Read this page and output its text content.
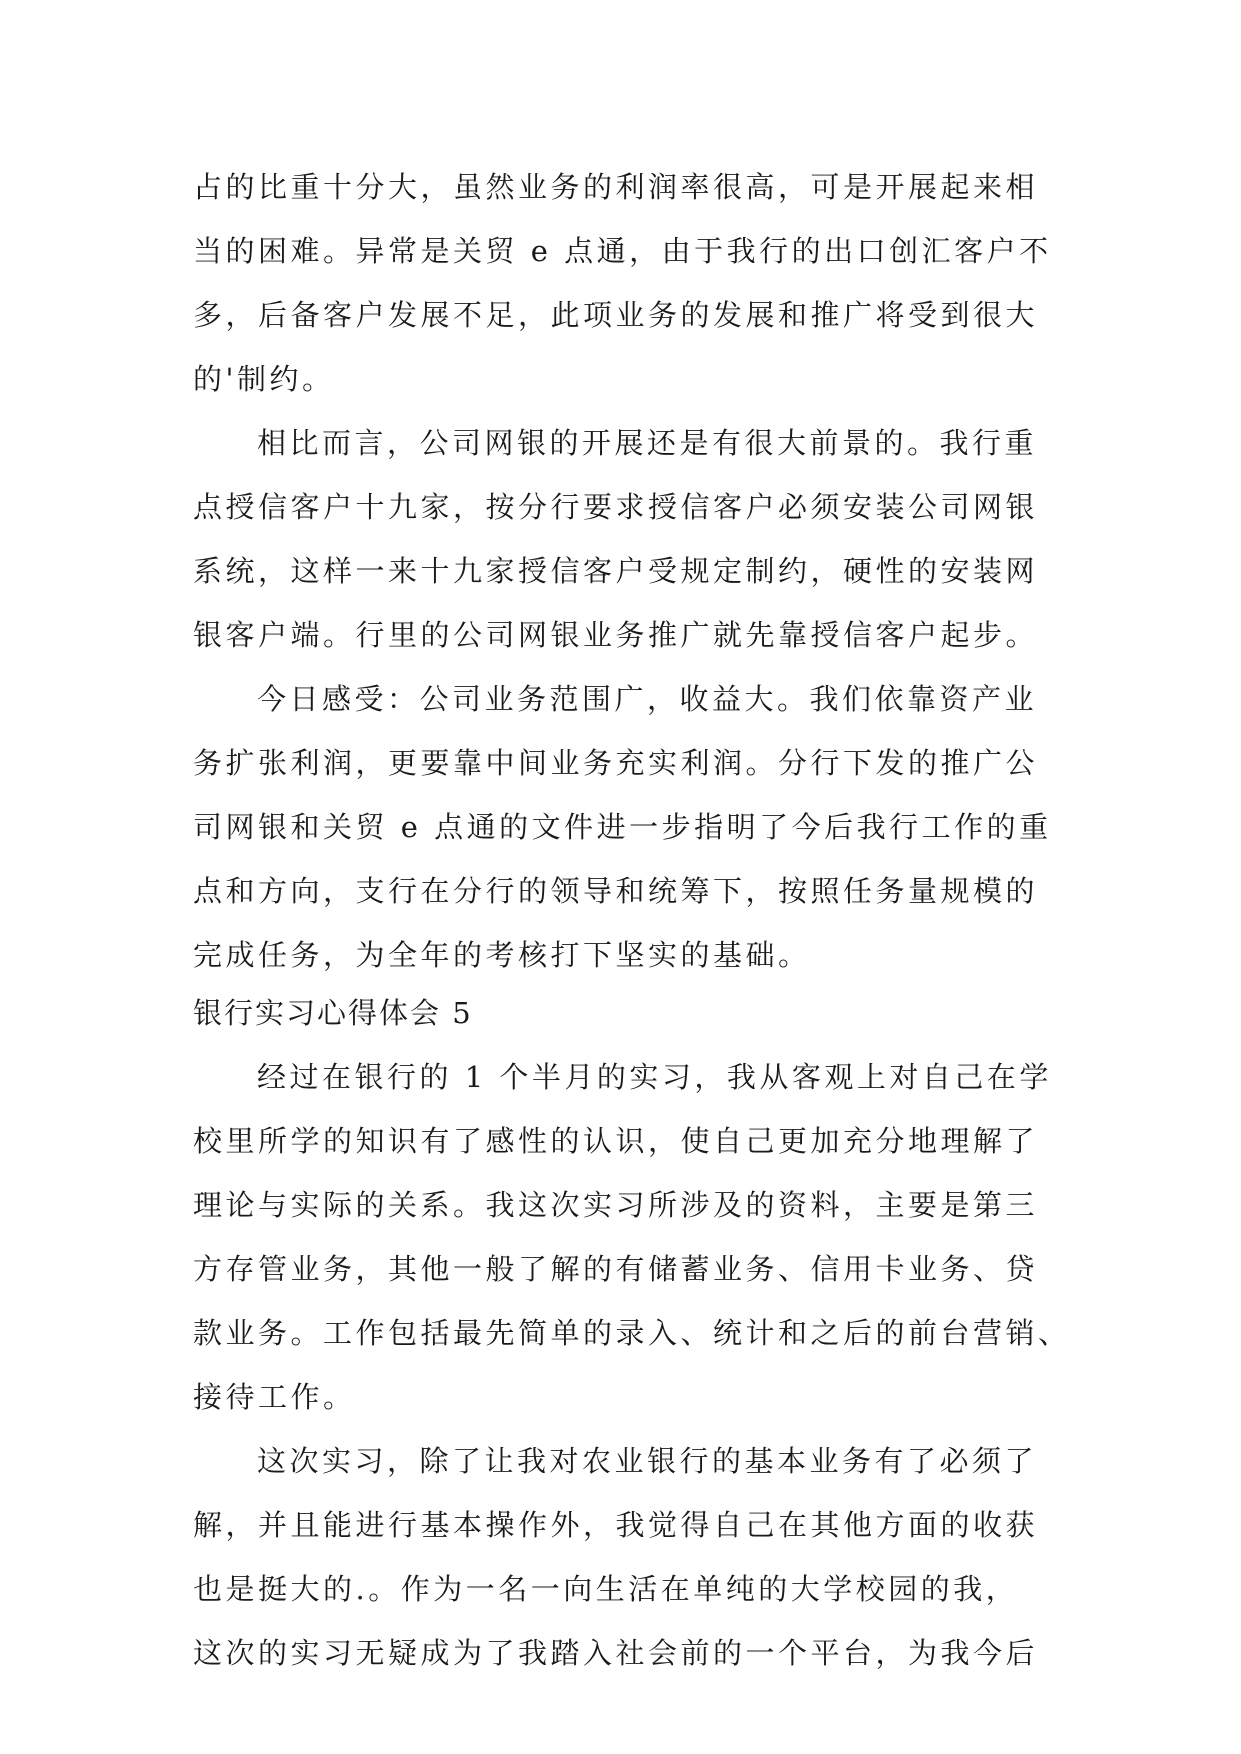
占的比重十分大，虽然业务的利润率很高，可是开展起来相
当的困难。异常是关贸 e 点通，由于我行的出口创汇客户不
多，后备客户发展不足，此项业务的发展和推广将受到很大
的'制约。
相比而言，公司网银的开展还是有很大前景的。我行重
点授信客户十九家，按分行要求授信客户必须安装公司网银
系统，这样一来十九家授信客户受规定制约，硬性的安装网
银客户端。行里的公司网银业务推广就先靠授信客户起步。
今日感受：公司业务范围广，收益大。我们依靠资产业
务扩张利润，更要靠中间业务充实利润。分行下发的推广公
司网银和关贸 e 点通的文件进一步指明了今后我行工作的重
点和方向，支行在分行的领导和统筹下，按照任务量规模的
完成任务，为全年的考核打下坚实的基础。
银行实习心得体会 5
经过在银行的 1 个半月的实习，我从客观上对自己在学
校里所学的知识有了感性的认识，使自己更加充分地理解了
理论与实际的关系。我这次实习所涉及的资料，主要是第三
方存管业务，其他一般了解的有储蓄业务、信用卡业务、贷
款业务。工作包括最先简单的录入、统计和之后的前台营销、
接待工作。
这次实习，除了让我对农业银行的基本业务有了必须了
解，并且能进行基本操作外，我觉得自己在其他方面的收获
也是挺大的.。作为一名一向生活在单纯的大学校园的我，
这次的实习无疑成为了我踏入社会前的一个平台，为我今后
